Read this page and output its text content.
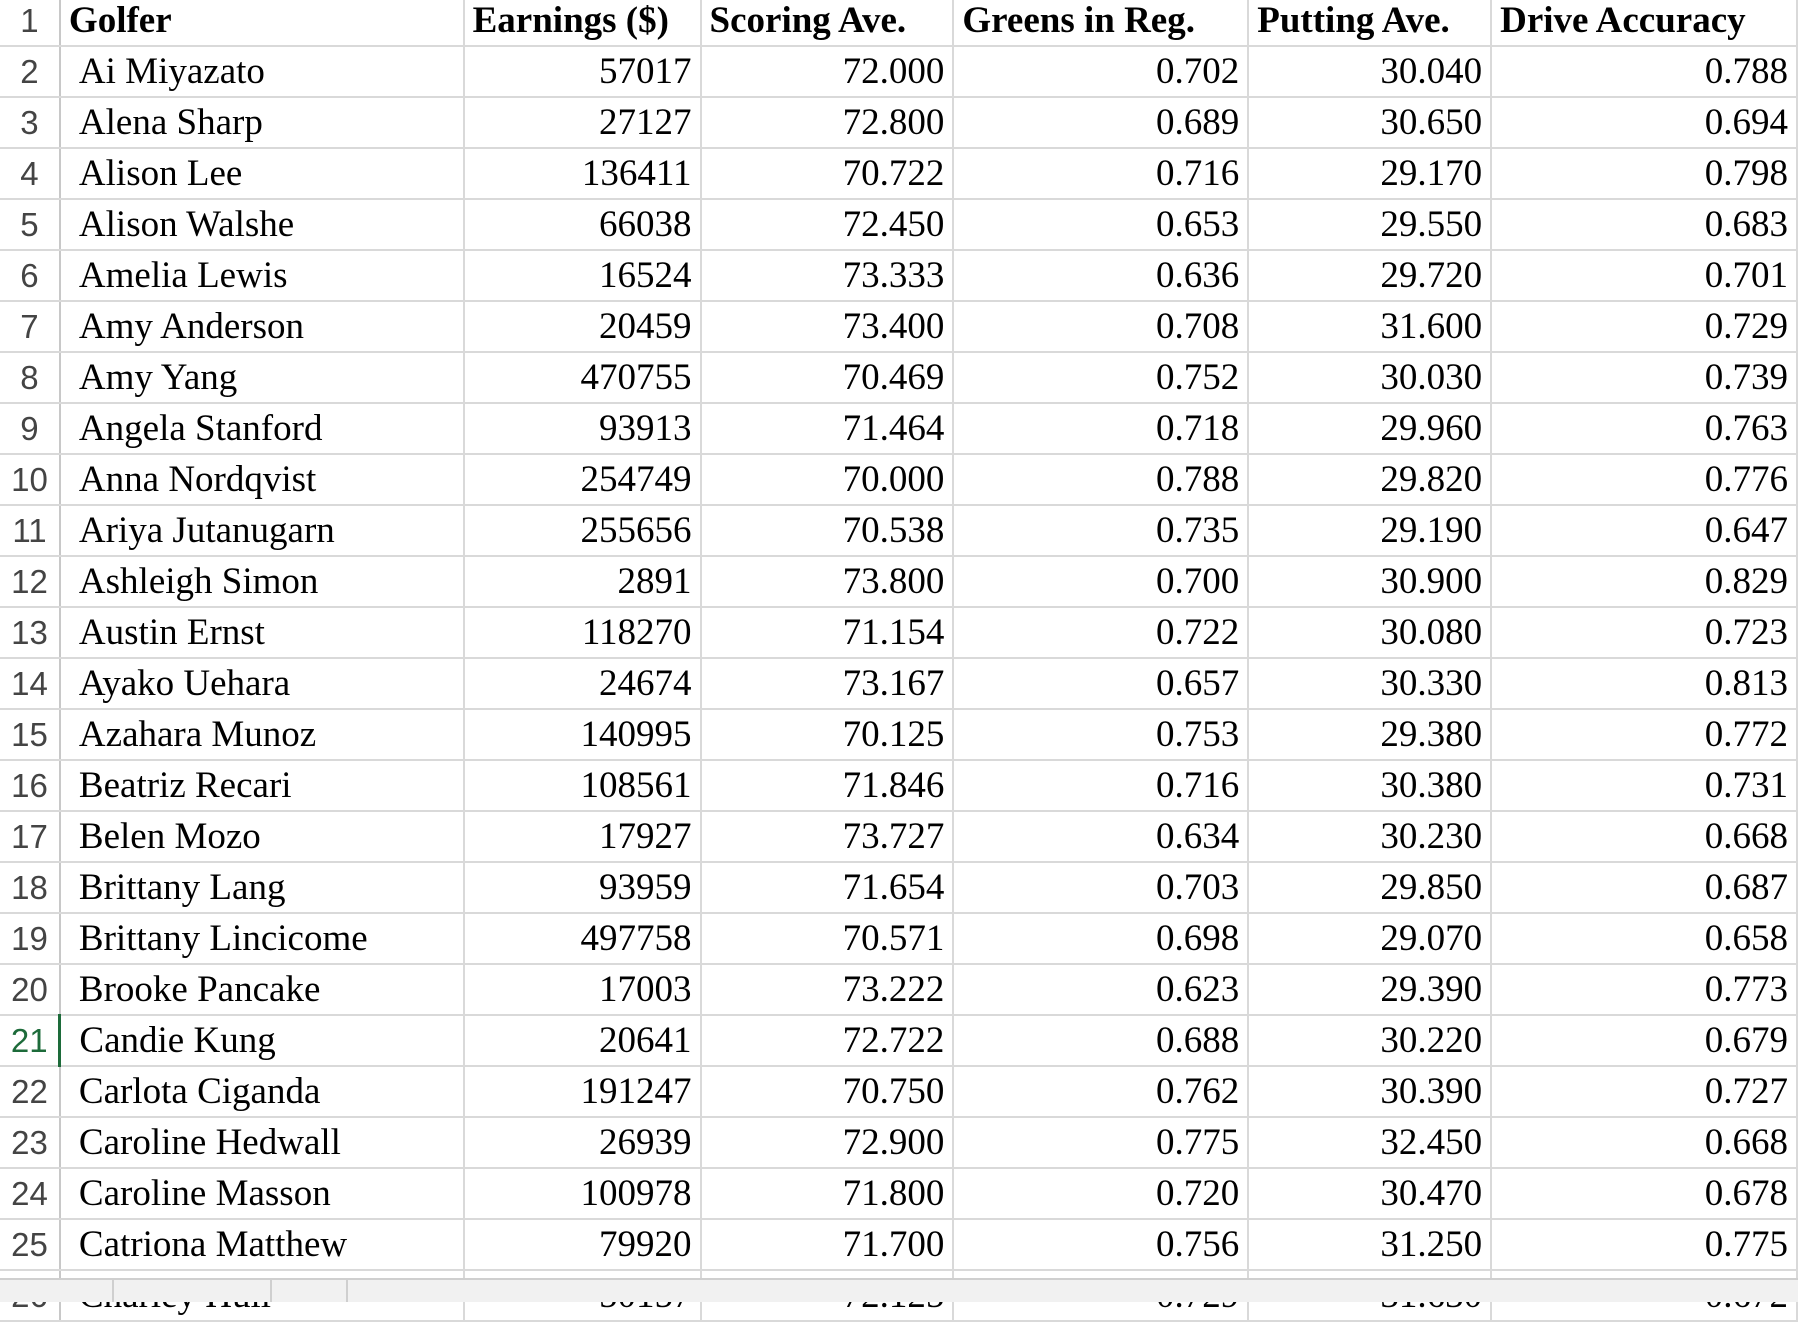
1	Golfer	Earnings ($)	Scoring Ave.	Greens in Reg.	Putting Ave.	Drive Accuracy
2	Ai Miyazato	57017	72.000	0.702	30.040	0.788
3	Alena Sharp	27127	72.800	0.689	30.650	0.694
4	Alison Lee	136411	70.722	0.716	29.170	0.798
5	Alison Walshe	66038	72.450	0.653	29.550	0.683
6	Amelia Lewis	16524	73.333	0.636	29.720	0.701
7	Amy Anderson	20459	73.400	0.708	31.600	0.729
8	Amy Yang	470755	70.469	0.752	30.030	0.739
9	Angela Stanford	93913	71.464	0.718	29.960	0.763
10	Anna Nordqvist	254749	70.000	0.788	29.820	0.776
11	Ariya Jutanugarn	255656	70.538	0.735	29.190	0.647
12	Ashleigh Simon	2891	73.800	0.700	30.900	0.829
13	Austin Ernst	118270	71.154	0.722	30.080	0.723
14	Ayako Uehara	24674	73.167	0.657	30.330	0.813
15	Azahara Munoz	140995	70.125	0.753	29.380	0.772
16	Beatriz Recari	108561	71.846	0.716	30.380	0.731
17	Belen Mozo	17927	73.727	0.634	30.230	0.668
18	Brittany Lang	93959	71.654	0.703	29.850	0.687
19	Brittany Lincicome	497758	70.571	0.698	29.070	0.658
20	Brooke Pancake	17003	73.222	0.623	29.390	0.773
21	Candie Kung	20641	72.722	0.688	30.220	0.679
22	Carlota Ciganda	191247	70.750	0.762	30.390	0.727
23	Caroline Hedwall	26939	72.900	0.775	32.450	0.668
24	Caroline Masson	100978	71.800	0.720	30.470	0.678
25	Catriona Matthew	79920	71.700	0.756	31.250	0.775
